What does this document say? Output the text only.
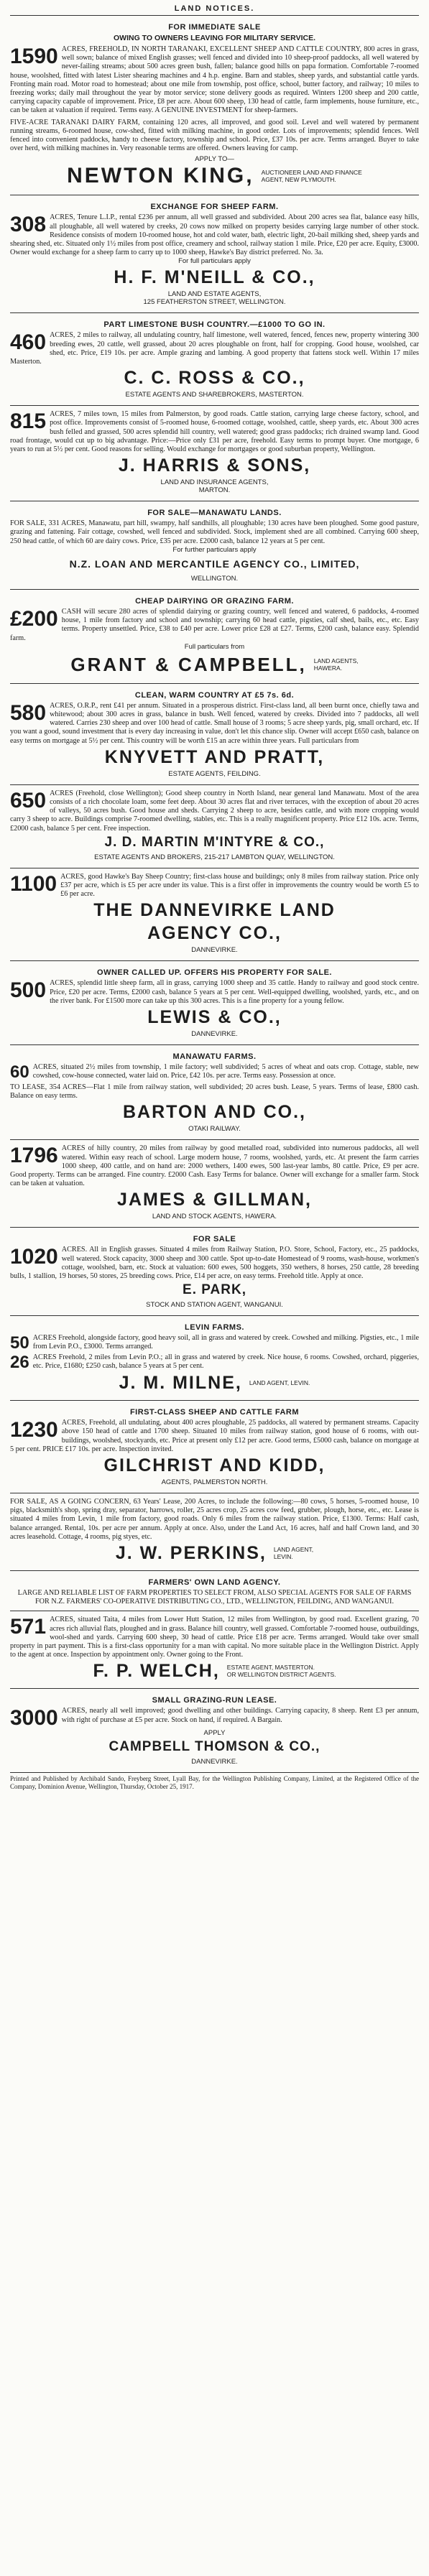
LAND NOTICES.
FOR IMMEDIATE SALE
OWING TO OWNERS LEAVING FOR MILITARY SERVICE.

1590 ACRES, FREEHOLD, IN NORTH TARANAKI, EXCELLENT SHEEP AND CATTLE COUNTRY, 800 acres in grass, well sown; balance of mixed English grasses; well fenced and divided into 10 sheep-proof paddocks, all well watered by never-failing streams; about 500 acres green bush, fallen; balance good hills on papa formation. Comfortable 7-roomed house, woolshed, fitted with latest Lister shearing machines and 4 h.p. engine. Barn and stables, sheep yards, and substantial cattle yards. Fronting main road. Motor road to homestead; about one mile from township, post office, school, butter factory, and railway; 10 miles to freezing works; daily mail throughout the year by motor service; stone delivery goods as required. Winters 1200 sheep and 200 cattle, carrying capacity capable of improvement. Price, £8 per acre. About 600 sheep, 130 head of cattle, farm implements, house furniture, etc., can be taken at valuation if required. Terms easy. A GENUINE INVESTMENT for sheep-farmers.

FIVE-ACRE TARANAKI DAIRY FARM, containing 120 acres, all improved, and good soil. Level and well watered by permanent running streams, 6-roomed house, cow-shed, fitted with milking machine, in good order. Lots of improvements; splendid fences. Well fenced into convenient paddocks, handy to cheese factory, township and school. Price, £37 10s. per acre. Terms arranged. Buyer to take over herd, with milking machines in. Very reasonable terms are offered. Owners leaving for camp.

APPLY TO—
NEWTON KING, AUCTIONEER LAND AND FINANCE
AGENT, NEW PLYMOUTH.
EXCHANGE FOR SHEEP FARM.

308 ACRES, Tenure L.I.P., rental £236 per annum, all well grassed and subdivided. About 200 acres sea flat, balance easy hills, all ploughable, all well watered by creeks, 20 cows now milked on property besides carrying large number of other stock. Residence consists of modern 10-roomed house, hot and cold water, bath, electric light, 20-bail milking shed, sheep yards and shearing shed, etc. Situated only 1½ miles from post office, creamery and school, railway station 1 mile. Price, £20 per acre. Equity, £3000. Owner would exchange for a sheep farm to carry up to 1000 sheep, Hawke's Bay district preferred. No. 3a.

For full particulars apply
H. F. M'NEILL & CO.,
LAND AND ESTATE AGENTS,
125 FEATHERSTON STREET, WELLINGTON.
PART LIMESTONE BUSH COUNTRY.—£1000 TO GO IN.

460 ACRES, 2 miles to railway, all undulating country, half limestone, well watered, fenced, fences new, property wintering 300 breeding ewes, 20 cattle, well grassed, about 20 acres ploughable on front, half for cropping. Good house, woolshed, car shed, etc. Price, £19 10s. per acre. Ample grazing and lambing. A good property that fattens stock well. Within 17 miles Masterton.

C. C. ROSS & CO.,
ESTATE AGENTS AND SHAREBROKERS, MASTERTON.

815 ACRES, 7 miles town, 15 miles from Palmerston, by good roads. Cattle station, carrying large cheese factory, school, and post office. Improvements consist of 5-roomed house, 6-roomed cottage, woolshed, cattle, sheep yards, etc. About 300 acres bush felled and grassed, 500 acres splendid hill country, well watered; good grass paddocks; rich drained swamp land. Good road frontage, would cut up to big advantage. Price:—Price only £31 per acre, freehold. Easy terms to prompt buyer. One mortgage, 6 years to run at 5½ per cent. Good reasons for selling. Would exchange for mortgages or good suburban property, Wellington.

J. HARRIS & SONS,
LAND AND INSURANCE AGENTS,
MARTON.
FOR SALE—MANAWATU LANDS.

FOR SALE, 331 ACRES, Manawatu, part hill, swampy, half sandhills, all ploughable; 130 acres have been ploughed. Some good pasture, grazing and fattening. Fair cottage, cowshed, well fenced and subdivided. Stock, implement shed are all combined. Carrying 600 sheep, 250 head cattle, of which 60 are dairy cows. Price, £35 per acre. £2000 cash, balance 12 years at 5 per cent.

For further particulars apply
N.Z. LOAN AND MERCANTILE AGENCY CO., LIMITED,
WELLINGTON.
CHEAP DAIRYING OR GRAZING FARM.

£200 CASH will secure 280 acres of splendid dairying or grazing country, well fenced and watered, 6 paddocks, 4-roomed house, 1 mile from factory and school and township; carrying 60 head cattle, pigsties, calf shed, bails, etc., etc. Easy terms. Property unsettled. Price, £38 to £40 per acre. Lower price £28 at £27. Terms, £200 cash, balance easy. Splendid farm.

Full particulars from
GRANT & CAMPBELL, LAND AGENTS,
HAWERA.
CLEAN, WARM COUNTRY AT £5 7s. 6d.

580 ACRES, O.R.P., rent £41 per annum. Situated in a prosperous district. First-class land, all been burnt once, chiefly tawa and whitewood; about 300 acres in grass, balance in bush. Well fenced, watered by creeks. Divided into 7 paddocks, all well watered. Carries 230 sheep and over 100 head of cattle. Small house of 3 rooms; 5 acre sheep yards, pig, small orchard, etc. If you want a good, sound investment that is every day increasing in value, don't let this chance slip. Owner will accept £650 cash, balance on easy terms on mortgage at 5½ per cent. This country will be worth £15 an acre within three years. Full particulars from

KNYVETT AND PRATT,
ESTATE AGENTS, FEILDING.

650 ACRES (Freehold, close Wellington); Good sheep country in North Island, near general land Manawatu. Most of the area consists of a rich chocolate loam, some feet deep. About 30 acres flat and river terraces, with the exception of about 20 acres of valleys, 50 acres bush. Good house and sheds. Carrying 2 sheep to acre, besides cattle, and with more cropping would carry 3 sheep to acre. Buildings comprise 7-roomed dwelling, stables, etc. This is a really magnificent property. Price £12 10s. acre. Terms, £2000 cash, balance 5 per cent. Free inspection.

J. D. MARTIN M'INTYRE & CO.,
ESTATE AGENTS AND BROKERS, 215-217 LAMBTON QUAY, WELLINGTON.

1100 ACRES, good Hawke's Bay Sheep Country; first-class house and buildings; only 8 miles from railway station. Price only £37 per acre, which is £5 per acre under its value. This is a first offer in improvements the country would be worth £5 to £6 per acre.

THE DANNEVIRKE LAND
AGENCY CO.,
DANNEVIRKE.
OWNER CALLED UP. OFFERS HIS PROPERTY FOR SALE.

500 ACRES, splendid little sheep farm, all in grass, carrying 1000 sheep and 35 cattle. Handy to railway and good stock centre. Price, £20 per acre. Terms, £2000 cash, balance 5 years at 5 per cent. Well-equipped dwelling, woolshed, yards, etc., and on the river bank. For £1500 more can take up this 300 acres. This is a fine property for a young fellow.

LEWIS & CO.,
DANNEVIRKE.
MANAWATU FARMS.

60 ACRES, situated 2½ miles from township, 1 mile factory; well subdivided; 5 acres of wheat and oats crop. Cottage, stable, new cowshed, cow-house connected, water laid on. Price, £42 10s. per acre. Terms easy. Possession at once.

TO LEASE, 354 ACRES—Flat 1 mile from railway station, well subdivided; 20 acres bush. Lease, 5 years. Terms of lease, £800 cash. Balance on easy terms.

BARTON AND CO.,
OTAKI RAILWAY.

1796 ACRES of hilly country, 20 miles from railway by good metalled road, subdivided into numerous paddocks, all well watered. Within easy reach of school. Large modern house, 7 rooms, woolshed, yards, etc. At present the farm carries 1000 sheep, 400 cattle, and on hand are: 2000 wethers, 1400 ewes, 500 last-year lambs, 80 cattle. Price, £9 per acre. Good property. Terms can be arranged. Fine country. £2000 Cash. Easy Terms for balance. Owner will exchange for a smaller farm. Stock can be taken at valuation.

JAMES & GILLMAN,
LAND AND STOCK AGENTS, HAWERA.
FOR SALE

1020 ACRES. All in English grasses. Situated 4 miles from Railway Station, P.O. Store, School, Factory, etc., 25 paddocks, well watered. Stock capacity, 3000 sheep and 300 cattle. Spot up-to-date Homestead of 9 rooms, wash-house, workmen's cottage, woolshed, barn, etc. Stock at valuation: 600 ewes, 500 hoggets, 350 wethers, 8 horses, 250 cattle, 28 breeding bulls, 1 stallion, 19 horses, 50 stores, 25 breeding cows. Price, £14 per acre, on easy terms. Freehold title. Apply at once.

E. PARK,
STOCK AND STATION AGENT, WANGANUI.
LEVIN FARMS.

50 ACRES Freehold, alongside factory, good heavy soil, all in grass and watered by creek. Cowshed and milking. Pigsties, etc., 1 mile from Levin P.O., £3000. Terms arranged.

26 ACRES Freehold, 2 miles from Levin P.O.; all in grass and watered by creek. Nice house, 6 rooms. Cowshed, orchard, piggeries, etc. Price, £1680; £250 cash, balance 5 years at 5 per cent.

J. M. MILNE, LAND AGENT, LEVIN.
FIRST-CLASS SHEEP AND CATTLE FARM

1230 ACRES, Freehold, all undulating, about 400 acres ploughable, 25 paddocks, all watered by permanent streams. Capacity above 150 head of cattle and 1700 sheep. Situated 10 miles from railway station, good house of 6 rooms, with out-buildings, woolshed, stockyards, etc. Price at present only £12 per acre. Good terms, £5000 cash, balance on mortgage at 5 per cent. PRICE £17 10s. per acre. Inspection invited.

GILCHRIST AND KIDD,
AGENTS, PALMERSTON NORTH.

FOR SALE, AS A GOING CONCERN, 63 Years' Lease, 200 Acres, to include the following:—80 cows, 5 horses, 5-roomed house, 10 pigs, blacksmith's shop, spring dray, separator, harrows, roller, 25 acres crop, 25 acres cow feed, grubber, plough, horse, etc., etc. Lease is situated 4 miles from Levin, 1 mile from factory, good roads. Only 6 miles from the railway station. Price, £1300. Terms: Half cash, balance arranged. Rental, 10s. per acre per annum. Apply at once. Also, under the Land Act, 16 acres, half and half Crown land, and 30 acres leasehold. Cottage, 4 rooms, pig styes, etc.

J. W. PERKINS, LAND AGENT,
LEVIN.
FARMERS' OWN LAND AGENCY.

LARGE AND RELIABLE LIST OF FARM PROPERTIES TO SELECT FROM, ALSO SPECIAL AGENTS FOR SALE OF FARMS FOR N.Z. FARMERS' CO-OPERATIVE DISTRIBUTING CO., LTD., WELLINGTON, FEILDING, AND WANGANUI.

571 ACRES, situated Taita, 4 miles from Lower Hutt Station, 12 miles from Wellington, by good road. Excellent grazing, 70 acres rich alluvial flats, ploughed and in grass. Balance hill country, well grassed. Comfortable 7-roomed house, outbuildings, wool-shed and yards. Carrying 600 sheep, 30 head of cattle. Price £18 per acre. Terms arranged. Would take over small property in part payment. This is a first-class opportunity for a man with capital. No more suitable place in the Wellington District. Apply to the agent at once. Inspection by appointment only. Owner going to the Front.

F. P. WELCH, ESTATE AGENT, MASTERTON.
OR WELLINGTON DISTRICT AGENTS.
SMALL GRAZING-RUN LEASE.

3000 ACRES, nearly all well improved; good dwelling and other buildings. Carrying capacity, 8 sheep. Rent £3 per annum, with right of purchase at £5 per acre. Stock on hand, if required. A Bargain.

APPLY
CAMPBELL THOMSON & CO.,
DANNEVIRKE.
Printed and Published by Archibald Sando, Freyberg Street, Lyall Bay, for the Wellington Publishing Company, Limited, at the Registered Office of the Company, Dominion Avenue, Wellington, Thursday, October 25, 1917.
